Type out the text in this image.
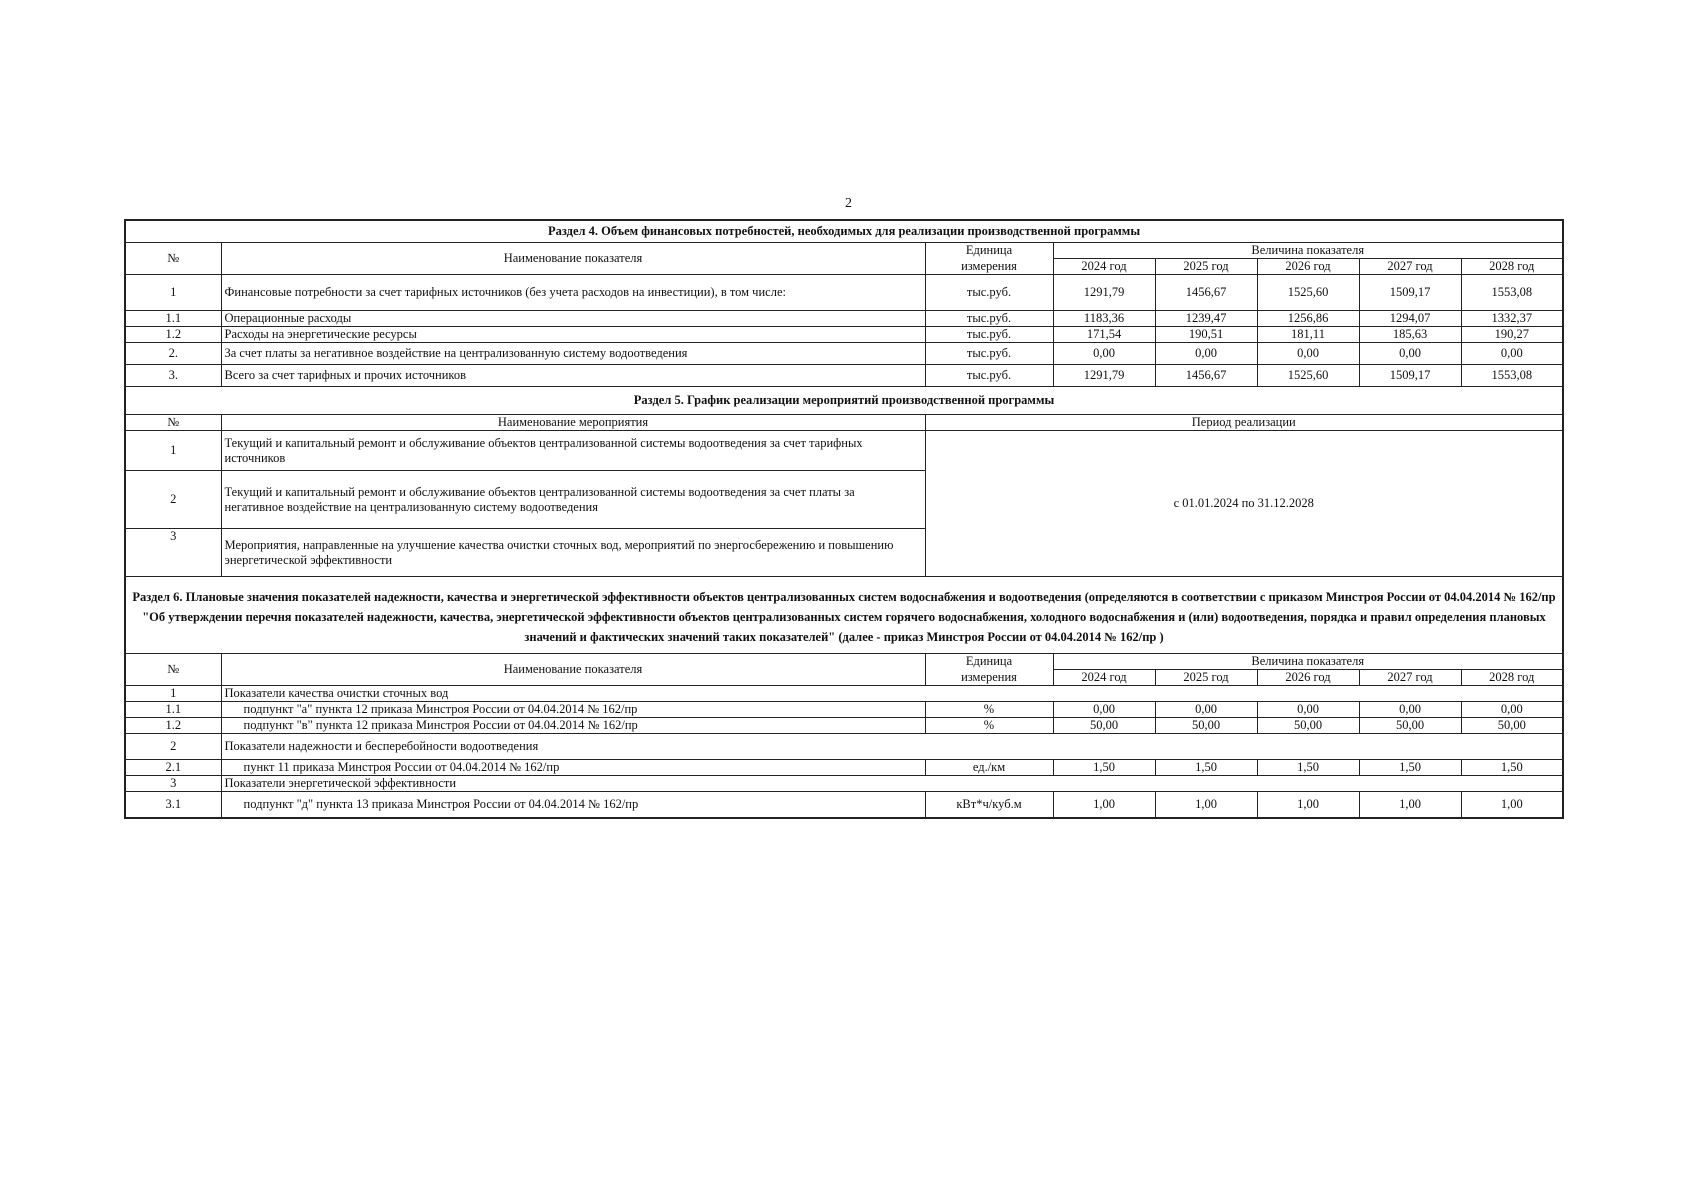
2
Раздел 4. Объем финансовых потребностей, необходимых для реализации производственной программы							
№	Наименование показателя	Единица	Величина показателя				
		измерения	2024 год	2025 год	2026 год	2027 год	2028 год
1	Финансовые потребности за счет тарифных источников (без учета расходов на инвестиции), в том числе:	тыс.руб.	1291,79	1456,67	1525,60	1509,17	1553,08
1.1	Операционные расходы	тыс.руб.	1183,36	1239,47	1256,86	1294,07	1332,37
1.2	Расходы на энергетические ресурсы	тыс.руб.	171,54	190,51	181,11	185,63	190,27
2.	За счет платы за негативное воздействие на централизованную систему водоотведения	тыс.руб.	0,00	0,00	0,00	0,00	0,00
3.	Всего за счет тарифных и прочих источников	тыс.руб.	1291,79	1456,67	1525,60	1509,17	1553,08
Раздел 5. График реализации мероприятий производственной программы							
№	Наименование мероприятия	Период реализации					
1	Текущий и капитальный ремонт и обслуживание объектов централизованной системы водоотведения за счет тарифных источников	с 01.01.2024 по 31.12.2028					
2	Текущий и капитальный ремонт и обслуживание объектов централизованной системы водоотведения за счет платы за негативное воздействие на централизованную систему водоотведения						
3	Мероприятия, направленные на улучшение качества очистки сточных вод, мероприятий по энергосбережению и повышению энергетической эффективности						
Раздел 6. Плановые значения показателей надежности, качества и энергетической эффективности объектов централизованных систем водоснабжения и водоотведения (определяются в соответствии с приказом Минстроя России от 04.04.2014 № 162/пр "Об утверждении перечня показателей надежности, качества, энергетической эффективности объектов централизованных систем горячего водоснабжения, холодного водоснабжения и (или) водоотведения, порядка и правил определения плановых значений и фактических значений таких показателей" (далее - приказ Минстроя России от 04.04.2014 № 162/пр )							
№	Наименование показателя	Единица	Величина показателя				
		измерения	2024 год	2025 год	2026 год	2027 год	2028 год
1	Показатели качества очистки сточных вод						
1.1	подпункт "а" пункта 12 приказа Минстроя России от 04.04.2014 № 162/пр	%	0,00	0,00	0,00	0,00	0,00
1.2	подпункт "в" пункта 12 приказа Минстроя России от 04.04.2014 № 162/пр	%	50,00	50,00	50,00	50,00	50,00
2	Показатели надежности и бесперебойности водоотведения						
2.1	пункт 11 приказа Минстроя России от 04.04.2014 № 162/пр	ед./км	1,50	1,50	1,50	1,50	1,50
3	Показатели энергетической эффективности						
3.1	подпункт "д" пункта 13 приказа Минстроя России от 04.04.2014 № 162/пр	кВт*ч/куб.м	1,00	1,00	1,00	1,00	1,00
